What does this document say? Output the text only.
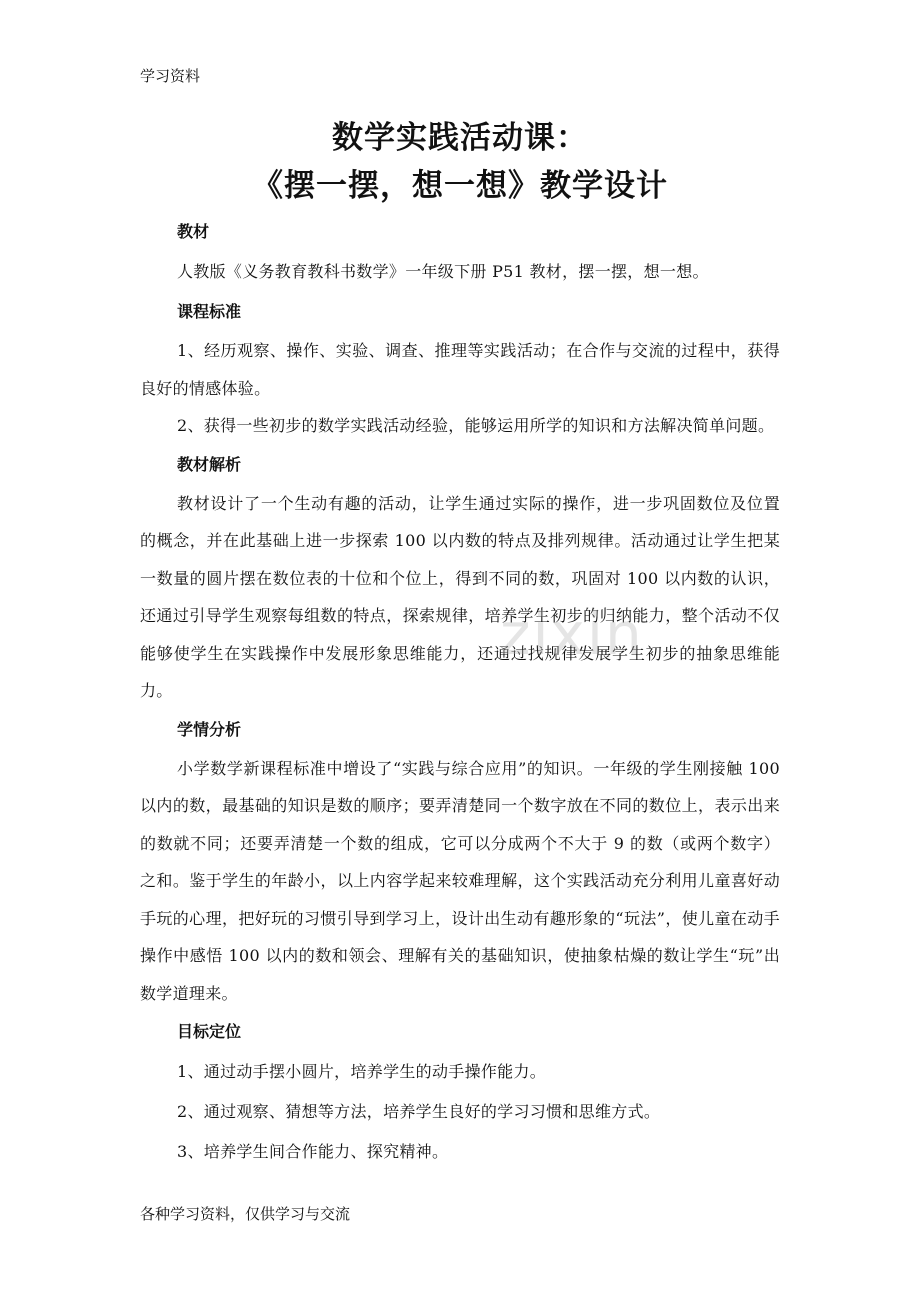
学习资料
数学实践活动课：
《摆一摆，想一想》教学设计
教材
人教版《义务教育教科书数学》一年级下册 P51 教材，摆一摆，想一想。
课程标准
1、经历观察、操作、实验、调查、推理等实践活动；在合作与交流的过程中，获得良好的情感体验。
2、获得一些初步的数学实践活动经验，能够运用所学的知识和方法解决简单问题。
教材解析
教材设计了一个生动有趣的活动，让学生通过实际的操作，进一步巩固数位及位置的概念，并在此基础上进一步探索 100 以内数的特点及排列规律。活动通过让学生把某一数量的圆片摆在数位表的十位和个位上，得到不同的数，巩固对 100 以内数的认识，还通过引导学生观察每组数的特点，探索规律，培养学生初步的归纳能力，整个活动不仅能够使学生在实践操作中发展形象思维能力，还通过找规律发展学生初步的抽象思维能力。
学情分析
小学数学新课程标准中增设了“实践与综合应用”的知识。一年级的学生刚接触 100 以内的数，最基础的知识是数的顺序；要弄清楚同一个数字放在不同的数位上，表示出来的数就不同；还要弄清楚一个数的组成，它可以分成两个不大于 9 的数（或两个数字）之和。鉴于学生的年龄小，以上内容学起来较难理解，这个实践活动充分利用儿童喜好动手玩的心理，把好玩的习惯引导到学习上，设计出生动有趣形象的“玩法”，使儿童在动手操作中感悟 100 以内的数和领会、理解有关的基础知识，使抽象枯燥的数让学生“玩”出数学道理来。
目标定位
1、通过动手摆小圆片，培养学生的动手操作能力。
2、通过观察、猜想等方法，培养学生良好的学习习惯和思维方式。
3、培养学生间合作能力、探究精神。
zixin
各种学习资料，仅供学习与交流
